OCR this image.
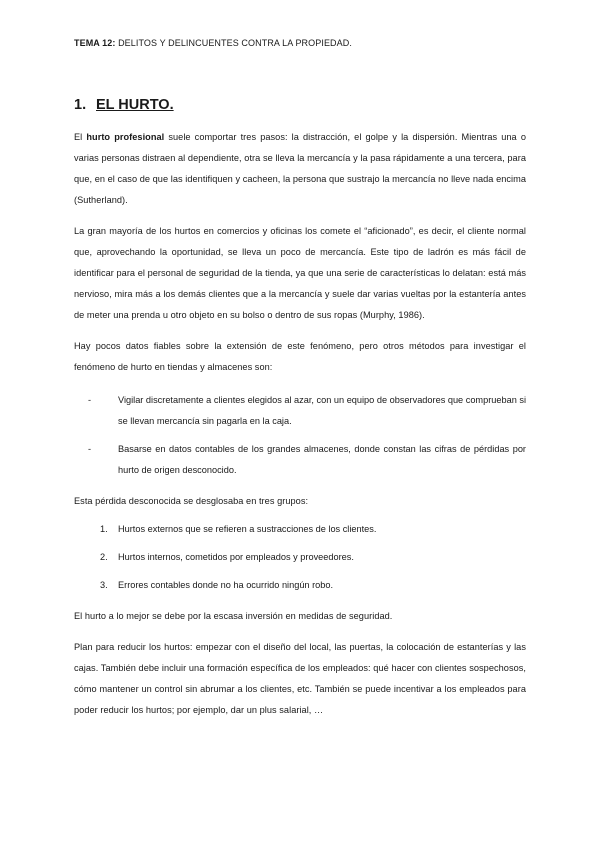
TEMA 12: DELITOS Y DELINCUENTES CONTRA LA PROPIEDAD.
1. EL HURTO.

El hurto profesional suele comportar tres pasos: la distracción, el golpe y la dispersión. Mientras una o varias personas distraen al dependiente, otra se lleva la mercancía y la pasa rápidamente a una tercera, para que, en el caso de que las identifiquen y cacheen, la persona que sustrajo la mercancía no lleve nada encima (Sutherland).

La gran mayoría de los hurtos en comercios y oficinas los comete el “aficionado”, es decir, el cliente normal que, aprovechando la oportunidad, se lleva un poco de mercancía. Este tipo de ladrón es más fácil de identificar para el personal de seguridad de la tienda, ya que una serie de características lo delatan: está más nervioso, mira más a los demás clientes que a la mercancía y suele dar varias vueltas por la estantería antes de meter una prenda u otro objeto en su bolso o dentro de sus ropas (Murphy, 1986).

Hay pocos datos fiables sobre la extensión de este fenómeno, pero otros métodos para investigar el fenómeno de hurto en tiendas y almacenes son:

-	Vigilar discretamente a clientes elegidos al azar, con un equipo de observadores que comprueban si se llevan mercancía sin pagarla en la caja.
-	Basarse en datos contables de los grandes almacenes, donde constan las cifras de pérdidas por hurto de origen desconocido.

Esta pérdida desconocida se desglosaba en tres grupos:

1. Hurtos externos que se refieren a sustracciones de los clientes.
2. Hurtos internos, cometidos por empleados y proveedores.
3. Errores contables donde no ha ocurrido ningún robo.

El hurto a lo mejor se debe por la escasa inversión en medidas de seguridad.

Plan para reducir los hurtos: empezar con el diseño del local, las puertas, la colocación de estanterías y las cajas. También debe incluir una formación específica de los empleados: qué hacer con clientes sospechosos, cómo mantener un control sin abrumar a los clientes, etc. También se puede incentivar a los empleados para poder reducir los hurtos; por ejemplo, dar un plus salarial, …
